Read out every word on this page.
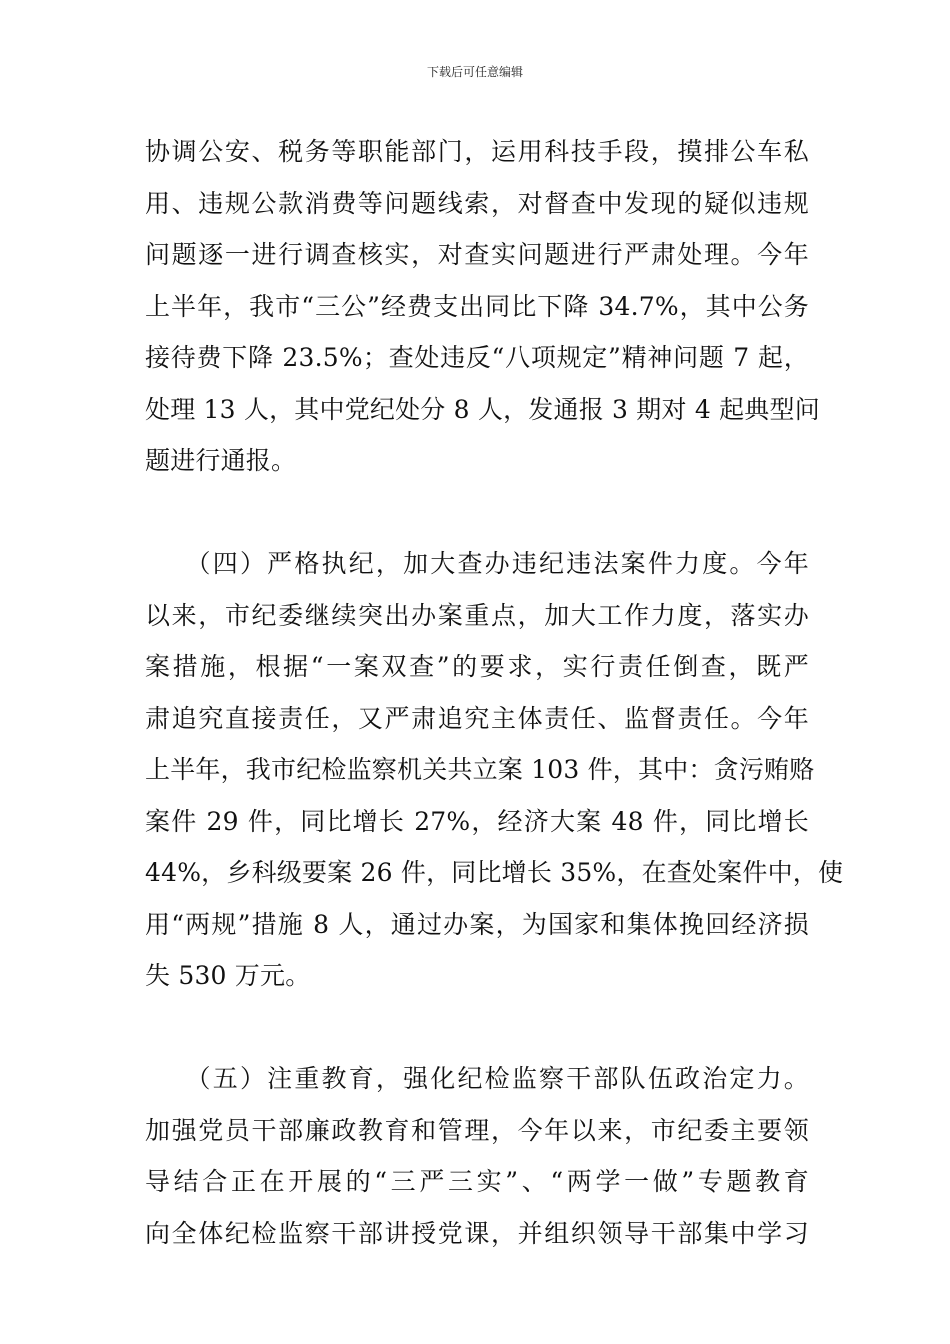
下载后可任意编辑
协调公安、税务等职能部门，运用科技手段，摸排公车私
用、违规公款消费等问题线索，对督查中发现的疑似违规
问题逐一进行调查核实，对查实问题进行严肃处理。今年
上半年，我市“三公”经费支出同比下降 34.7%，其中公务
接待费下降 23.5%；查处违反“八项规定”精神问题 7 起，
处理 13 人，其中党纪处分 8 人，发通报 3 期对 4 起典型问
题进行通报。
（四）严格执纪，加大查办违纪违法案件力度。今年
以来，市纪委继续突出办案重点，加大工作力度，落实办
案措施，根据“一案双查”的要求，实行责任倒查，既严
肃追究直接责任，又严肃追究主体责任、监督责任。今年
上半年，我市纪检监察机关共立案 103 件，其中：贪污贿赂
案件 29 件，同比增长 27%，经济大案 48 件，同比增长
44%，乡科级要案 26 件，同比增长 35%，在查处案件中，使
用“两规”措施 8 人，通过办案，为国家和集体挽回经济损
失 530 万元。
（五）注重教育，强化纪检监察干部队伍政治定力。
加强党员干部廉政教育和管理，今年以来，市纪委主要领
导结合正在开展的“三严三实”、“两学一做”专题教育
向全体纪检监察干部讲授党课，并组织领导干部集中学习
